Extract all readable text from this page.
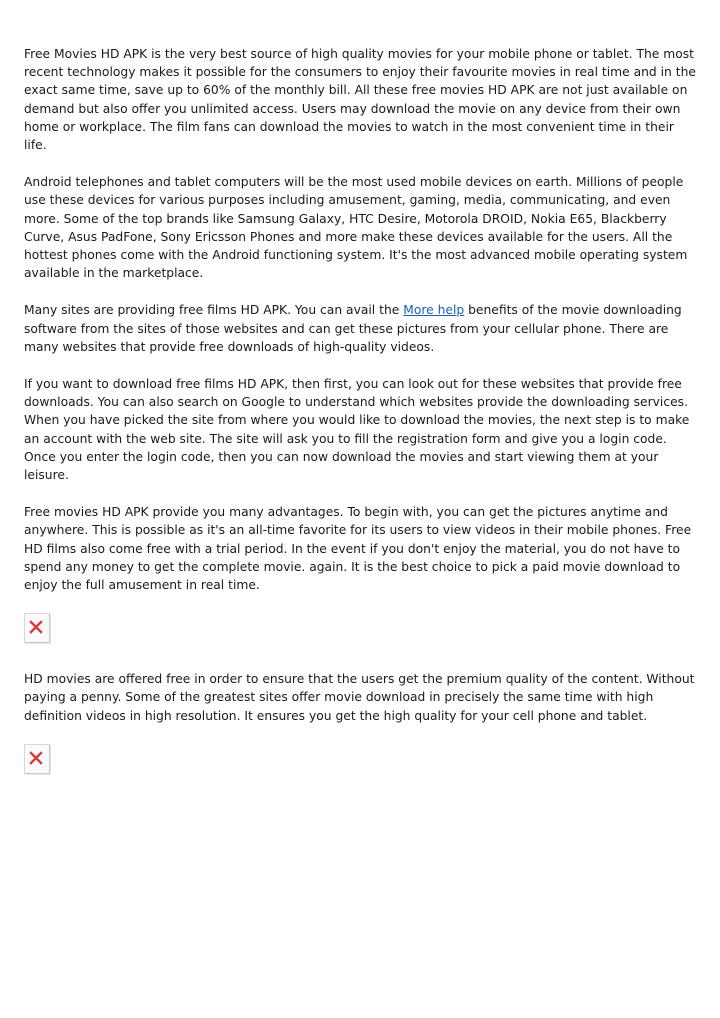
Free Movies HD APK is the very best source of high quality movies for your mobile phone or tablet. The most recent technology makes it possible for the consumers to enjoy their favourite movies in real time and in the exact same time, save up to 60% of the monthly bill. All these free movies HD APK are not just available on demand but also offer you unlimited access. Users may download the movie on any device from their own home or workplace. The film fans can download the movies to watch in the most convenient time in their life.

Android telephones and tablet computers will be the most used mobile devices on earth. Millions of people use these devices for various purposes including amusement, gaming, media, communicating, and even more. Some of the top brands like Samsung Galaxy, HTC Desire, Motorola DROID, Nokia E65, Blackberry Curve, Asus PadFone, Sony Ericsson Phones and more make these devices available for the users. All the hottest phones come with the Android functioning system. It's the most advanced mobile operating system available in the marketplace.

Many sites are providing free films HD APK. You can avail the More help benefits of the movie downloading software from the sites of those websites and can get these pictures from your cellular phone. There are many websites that provide free downloads of high-quality videos.

If you want to download free films HD APK, then first, you can look out for these websites that provide free downloads. You can also search on Google to understand which websites provide the downloading services. When you have picked the site from where you would like to download the movies, the next step is to make an account with the web site. The site will ask you to fill the registration form and give you a login code. Once you enter the login code, then you can now download the movies and start viewing them at your leisure.

Free movies HD APK provide you many advantages. To begin with, you can get the pictures anytime and anywhere. This is possible as it's an all-time favorite for its users to view videos in their mobile phones. Free HD films also come free with a trial period. In the event if you don't enjoy the material, you do not have to spend any money to get the complete movie. again. It is the best choice to pick a paid movie download to enjoy the full amusement in real time.

HD movies are offered free in order to ensure that the users get the premium quality of the content. Without paying a penny. Some of the greatest sites offer movie download in precisely the same time with high definition videos in high resolution. It ensures you get the high quality for your cell phone and tablet.
